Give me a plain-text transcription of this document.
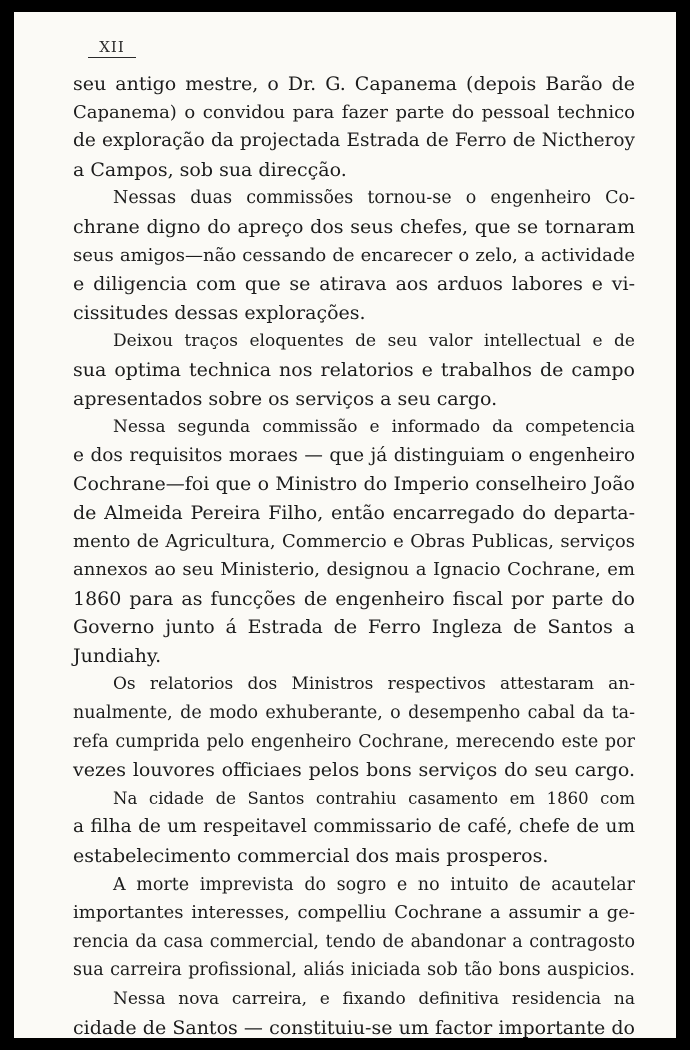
XII
seu antigo mestre, o Dr. G. Capanema (depois Barão de
Capanema) o convidou para fazer parte do pessoal technico
de exploração da projectada Estrada de Ferro de Nictheroy
a Campos, sob sua direcção.
Nessas duas commissões tornou-se o engenheiro Co-
chrane digno do apreço dos seus chefes, que se tornaram
seus amigos—não cessando de encarecer o zelo, a actividade
e diligencia com que se atirava aos arduos labores e vi-
cissitudes dessas explorações.
Deixou traços eloquentes de seu valor intellectual e de
sua optima technica nos relatorios e trabalhos de campo
apresentados sobre os serviços a seu cargo.
Nessa segunda commissão e informado da competencia
e dos requisitos moraes — que já distinguiam o engenheiro
Cochrane—foi que o Ministro do Imperio conselheiro João
de Almeida Pereira Filho, então encarregado do departa-
mento de Agricultura, Commercio e Obras Publicas, serviços
annexos ao seu Ministerio, designou a Ignacio Cochrane, em
1860 para as funcções de engenheiro fiscal por parte do
Governo junto á Estrada de Ferro Ingleza de Santos a
Jundiahy.
Os relatorios dos Ministros respectivos attestaram an-
nualmente, de modo exhuberante, o desempenho cabal da ta-
refa cumprida pelo engenheiro Cochrane, merecendo este por
vezes louvores officiaes pelos bons serviços do seu cargo.
Na cidade de Santos contrahiu casamento em 1860 com
a filha de um respeitavel commissario de café, chefe de um
estabelecimento commercial dos mais prosperos.
A morte imprevista do sogro e no intuito de acautelar
importantes interesses, compelliu Cochrane a assumir a ge-
rencia da casa commercial, tendo de abandonar a contragosto
sua carreira profissional, aliás iniciada sob tão bons auspicios.
Nessa nova carreira, e fixando definitiva residencia na
cidade de Santos — constituiu-se um factor importante do
